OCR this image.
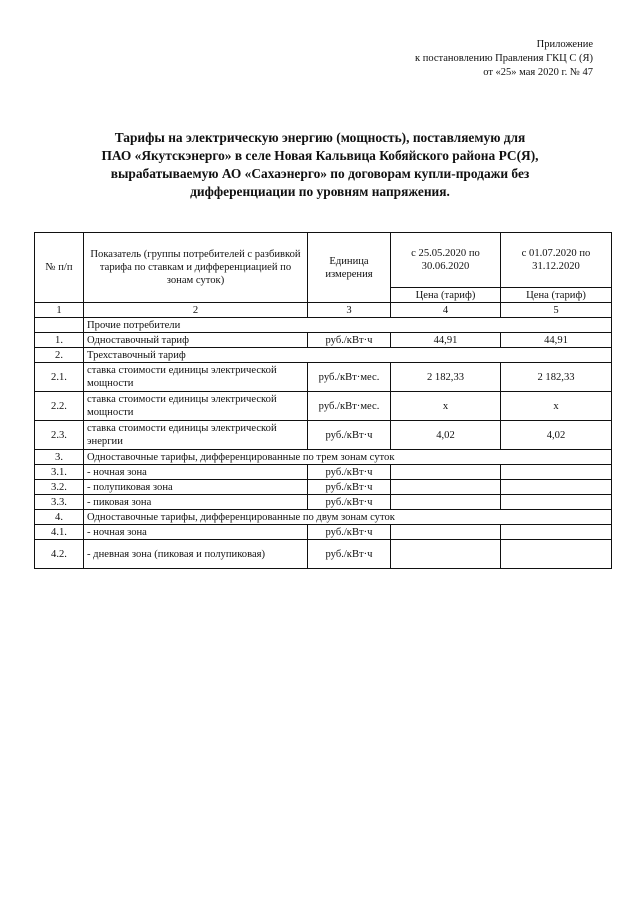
Приложение
к постановлению Правления ГКЦ С (Я)
от «25» мая 2020 г. № 47
Тарифы на электрическую энергию (мощность), поставляемую для
ПАО «Якутскэнерго» в селе Новая Кальвица Кобяйского района РС(Я),
вырабатываемую АО «Сахаэнерго» по договорам купли-продажи без
дифференциации по уровням напряжения.
№ п/п	Показатель (группы потребителей с разбивкой тарифа по ставкам и дифференциацией по зонам суток)	Единица измерения	с 25.05.2020 по 30.06.2020	с 01.07.2020 по 31.12.2020
			Цена (тариф)	Цена (тариф)
1	2	3	4	5
	Прочие потребители			
1.	Одноставочный тариф	руб./кВт·ч	44,91	44,91
2.	Трехставочный тариф			
2.1.	ставка стоимости единицы электрической мощности	руб./кВт·мес.	2 182,33	2 182,33
2.2.	ставка стоимости единицы электрической мощности	руб./кВт·мес.	х	х
2.3.	ставка стоимости единицы электрической энергии	руб./кВт·ч	4,02	4,02
3.	Одноставочные тарифы, дифференцированные по трем зонам суток			
3.1.	- ночная зона	руб./кВт·ч		
3.2.	- полупиковая зона	руб./кВт·ч		
3.3.	- пиковая зона	руб./кВт·ч		
4.	Одноставочные тарифы, дифференцированные по двум зонам суток			
4.1.	- ночная зона	руб./кВт·ч		
4.2.	- дневная зона (пиковая и полупиковая)	руб./кВт·ч		
